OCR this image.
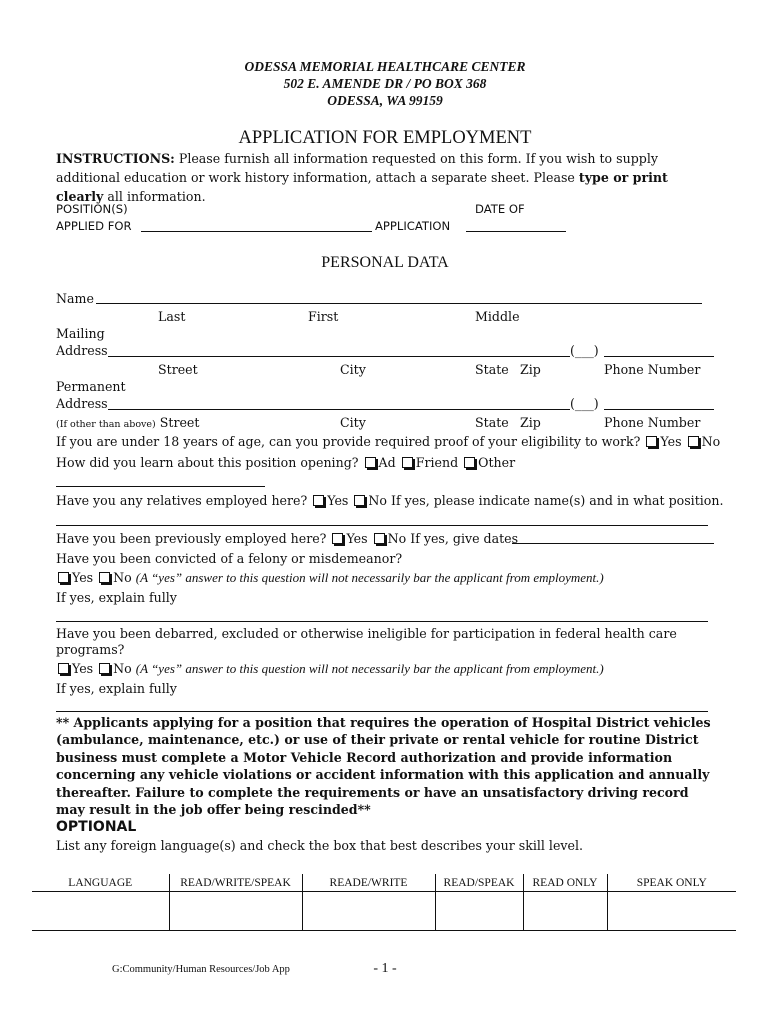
ODESSA MEMORIAL HEALTHCARE CENTER
502 E. AMENDE DR / PO BOX 368
ODESSA, WA 99159
APPLICATION FOR EMPLOYMENT
INSTRUCTIONS: Please furnish all information requested on this form. If you wish to supply additional education or work history information, attach a separate sheet. Please type or print clearly all information.
POSITION(S)
APPLIED FOR
DATE OF
APPLICATION
PERSONAL DATA
Name
Last	First	Middle
Mailing
Address	(___)
Street	City	State Zip	Phone Number
Permanent
Address	(___)
(If other than above) Street	City	State Zip	Phone Number
If you are under 18 years of age, can you provide required proof of your eligibility to work? Yes No
How did you learn about this position opening? Ad Friend Other
Have you any relatives employed here? Yes No If yes, please indicate name(s) and in what position.
Have you been previously employed here? Yes No If yes, give dates
Have you been convicted of a felony or misdemeanor?
Yes No (A “yes” answer to this question will not necessarily bar the applicant from employment.)
If yes, explain fully
Have you been debarred, excluded or otherwise ineligible for participation in federal health care
programs?
Yes No (A “yes” answer to this question will not necessarily bar the applicant from employment.)
If yes, explain fully
** Applicants applying for a position that requires the operation of Hospital District vehicles (ambulance, maintenance, etc.) or use of their private or rental vehicle for routine District business must complete a Motor Vehicle Record authorization and provide information concerning any vehicle violations or accident information with this application and annually thereafter. Failure to complete the requirements or have an unsatisfactory driving record may result in the job offer being rescinded**
OPTIONAL
List any foreign language(s) and check the box that best describes your skill level.
LANGUAGE	READ/WRITE/SPEAK	READE/WRITE	READ/SPEAK	READ ONLY	SPEAK ONLY

G:Community/Human Resources/Job App	- 1 -
